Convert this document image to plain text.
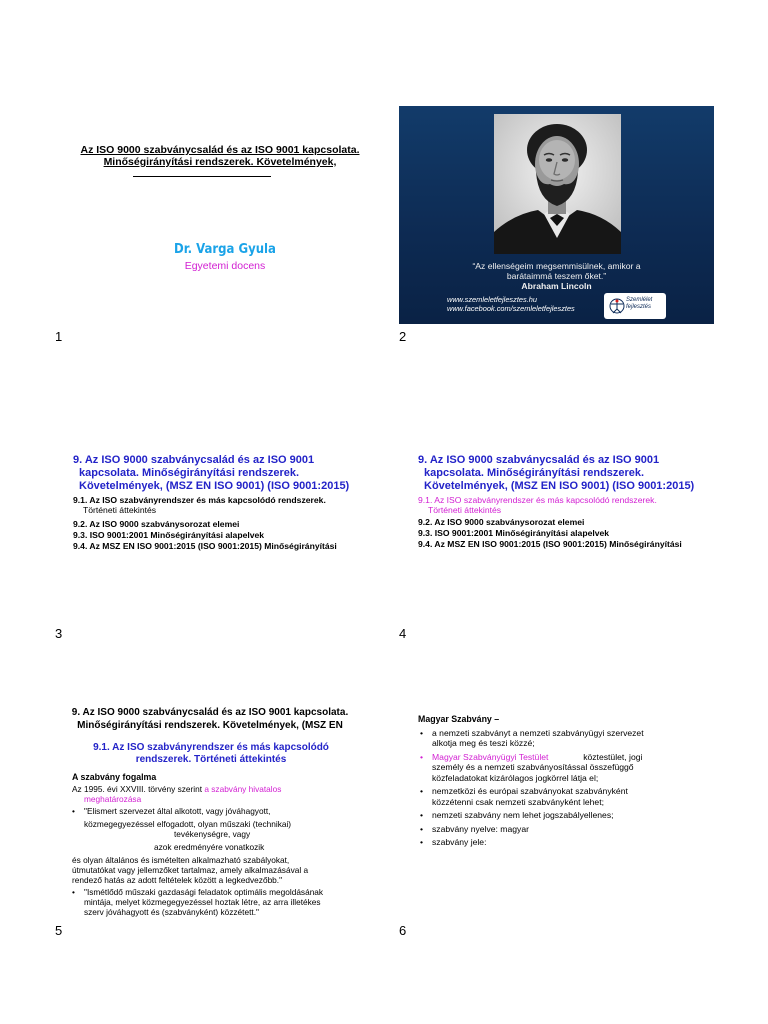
Az ISO 9000 szabványcsalád és az ISO 9001 kapcsolata.
Minőségirányítási rendszerek. Követelmények,
Dr. Varga Gyula
Egyetemi docens
1
“Az ellenségeim megsemmisülnek, amikor a barátaimmá teszem őket.”
Abraham Lincoln
www.szemleletfejlesztes.hu
www.facebook.com/szemleletfejlesztes
Szemlélet
fejlesztés
2
9. Az ISO 9000 szabványcsalád és az ISO 9001
kapcsolata. Minőségirányítási rendszerek.
Követelmények, (MSZ EN ISO 9001) (ISO 9001:2015)
9.1. Az ISO szabványrendszer és más kapcsolódó rendszerek.
Történeti áttekintés
9.2. Az ISO 9000 szabványsorozat elemei
9.3. ISO 9001:2001 Minőségirányítási alapelvek
9.4. Az MSZ EN ISO 9001:2015 (ISO 9001:2015) Minőségirányítási
3
9. Az ISO 9000 szabványcsalád és az ISO 9001
kapcsolata. Minőségirányítási rendszerek.
Követelmények, (MSZ EN ISO 9001) (ISO 9001:2015)
9.1. Az ISO szabványrendszer és más kapcsolódó rendszerek.
Történeti áttekintés
9.2. Az ISO 9000 szabványsorozat elemei
9.3. ISO 9001:2001 Minőségirányítási alapelvek
9.4. Az MSZ EN ISO 9001:2015 (ISO 9001:2015) Minőségirányítási
4
9. Az ISO 9000 szabványcsalád és az ISO 9001 kapcsolata.
Minőségirányítási rendszerek. Követelmények, (MSZ EN
9.1. Az ISO szabványrendszer és más kapcsolódó
rendszerek. Történeti áttekintés
A szabvány fogalma
Az 1995. évi XXVIII. törvény szerint a szabvány hivatalos
meghatározása
• "Elismert szervezet által alkotott, vagy jóváhagyott,
közmegegyezéssel elfogadott, olyan műszaki (technikai)
tevékenységre, vagy
azok eredményére vonatkozik
és olyan általános és ismételten alkalmazható szabályokat,
útmutatókat vagy jellemzőket tartalmaz, amely alkalmazásával a
rendező hatás az adott feltételek között a legkedvezőbb."
• "Ismétlődő műszaki gazdasági feladatok optimális megoldásának
mintája, melyet közmegegyezéssel hoztak létre, az arra illetékes
szerv jóváhagyott és (szabványként) közzétett."
5
Magyar Szabvány –
• a nemzeti szabványt a nemzeti szabványügyi szervezet
alkotja meg és teszi közzé;
• Magyar Szabványügyi Testület	köztestület, jogi
személy és a nemzeti szabványosítással összefüggő
közfeladatokat kizárólagos jogkörrel látja el;
• nemzetközi és európai szabványokat szabványként
közzétenni csak nemzeti szabványként lehet;
• nemzeti szabvány nem lehet jogszabályellenes;
• szabvány nyelve: magyar
• szabvány jele:
6
